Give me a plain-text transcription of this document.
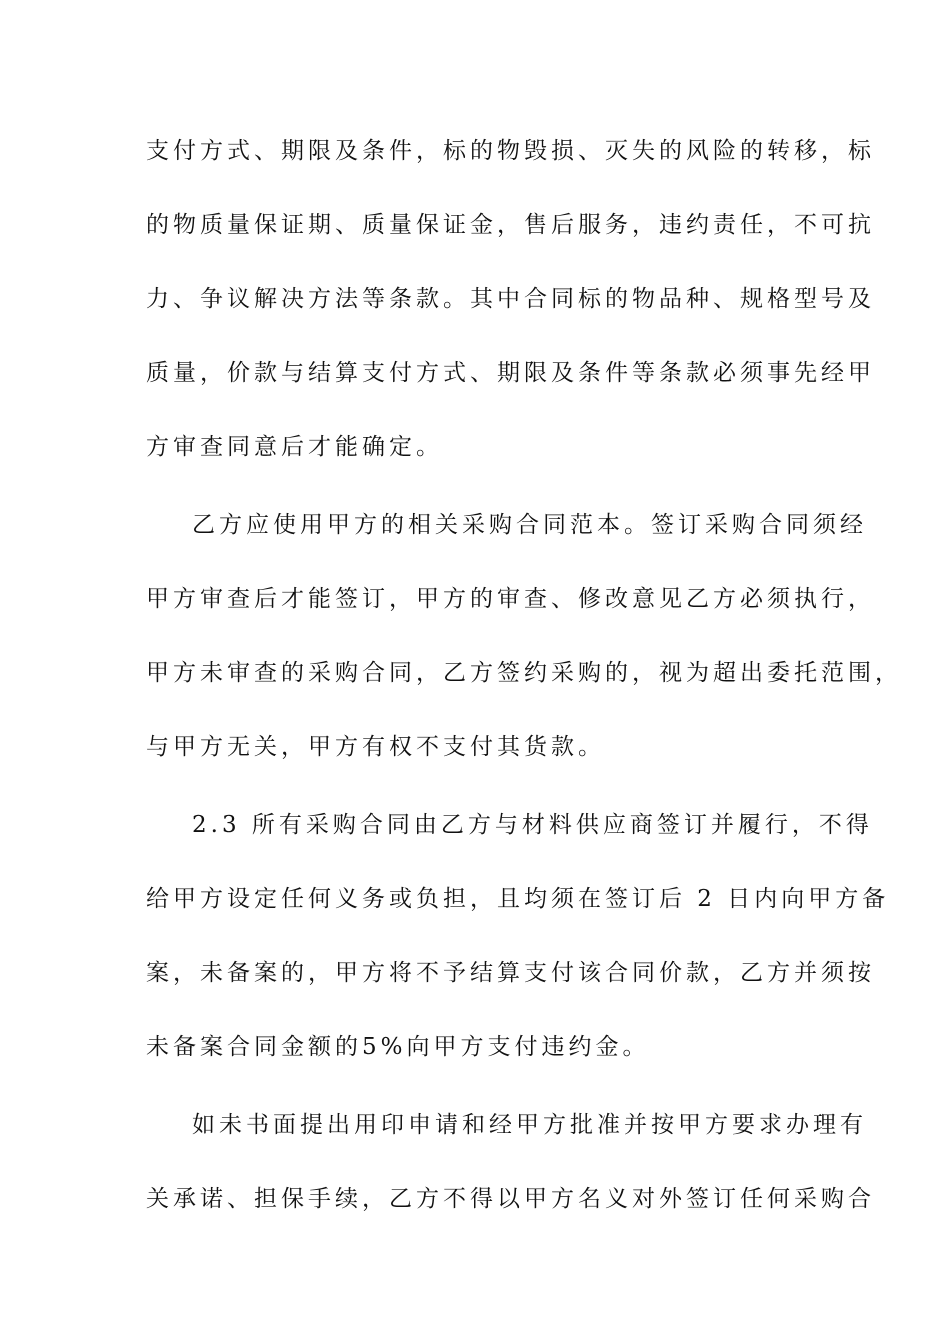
支付方式、期限及条件，标的物毁损、灭失的风险的转移，标
的物质量保证期、质量保证金，售后服务，违约责任，不可抗
力、争议解决方法等条款。其中合同标的物品种、规格型号及
质量，价款与结算支付方式、期限及条件等条款必须事先经甲
方审查同意后才能确定。
乙方应使用甲方的相关采购合同范本。签订采购合同须经
甲方审查后才能签订，甲方的审查、修改意见乙方必须执行，
甲方未审查的采购合同，乙方签约采购的，视为超出委托范围，
与甲方无关，甲方有权不支付其货款。
2.3 所有采购合同由乙方与材料供应商签订并履行，不得
给甲方设定任何义务或负担，且均须在签订后 2 日内向甲方备
案，未备案的，甲方将不予结算支付该合同价款，乙方并须按
未备案合同金额的5%向甲方支付违约金。
如未书面提出用印申请和经甲方批准并按甲方要求办理有
关承诺、担保手续，乙方不得以甲方名义对外签订任何采购合
